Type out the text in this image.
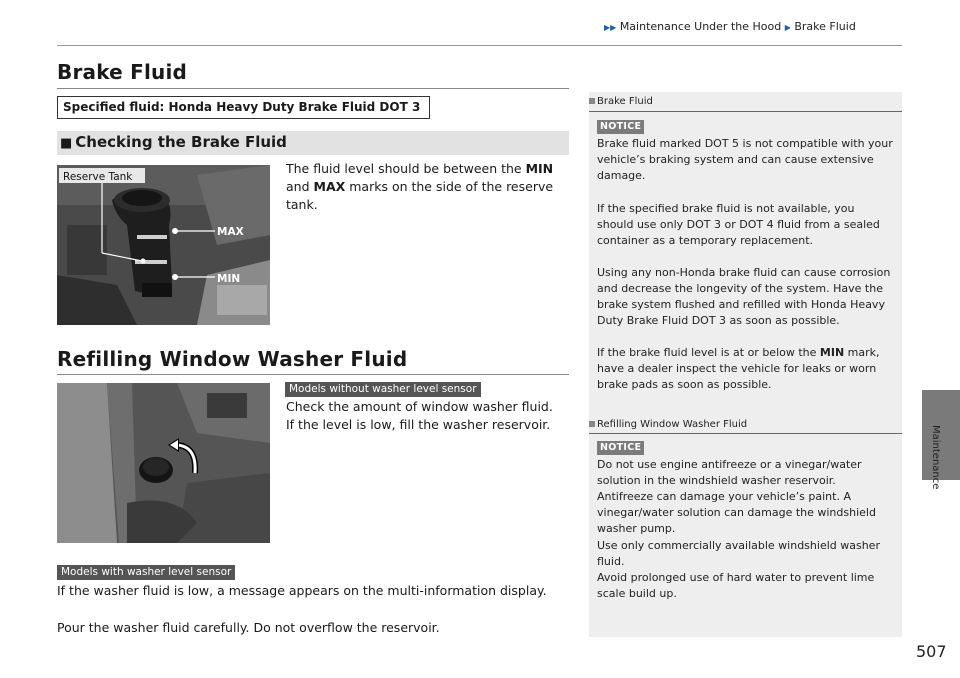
▶▶ Maintenance Under the Hood ▶ Brake Fluid
Maintenance
Brake Fluid
Specified fluid: Honda Heavy Duty Brake Fluid DOT 3
■ Checking the Brake Fluid
Reserve Tank
MAX
MIN
The fluid level should be between the MIN
and MAX marks on the side of the reserve tank.
Refilling Window Washer Fluid
Models without washer level sensor
Check the amount of window washer fluid.
If the level is low, fill the washer reservoir.
Models with washer level sensor
If the washer fluid is low, a message appears on the multi-information display.
Pour the washer fluid carefully. Do not overflow the reservoir.
Brake Fluid
NOTICE
Brake fluid marked DOT 5 is not compatible with your vehicle’s braking system and can cause extensive damage.
If the specified brake fluid is not available, you should use only DOT 3 or DOT 4 fluid from a sealed container as a temporary replacement.
Using any non-Honda brake fluid can cause corrosion and decrease the longevity of the system. Have the brake system flushed and refilled with Honda Heavy Duty Brake Fluid DOT 3 as soon as possible.
If the brake fluid level is at or below the MIN mark, have a dealer inspect the vehicle for leaks or worn brake pads as soon as possible.
Refilling Window Washer Fluid
NOTICE
Do not use engine antifreeze or a vinegar/water solution in the windshield washer reservoir.
Antifreeze can damage your vehicle’s paint. A vinegar/water solution can damage the windshield washer pump.
Use only commercially available windshield washer fluid.
Avoid prolonged use of hard water to prevent lime scale build up.
507
